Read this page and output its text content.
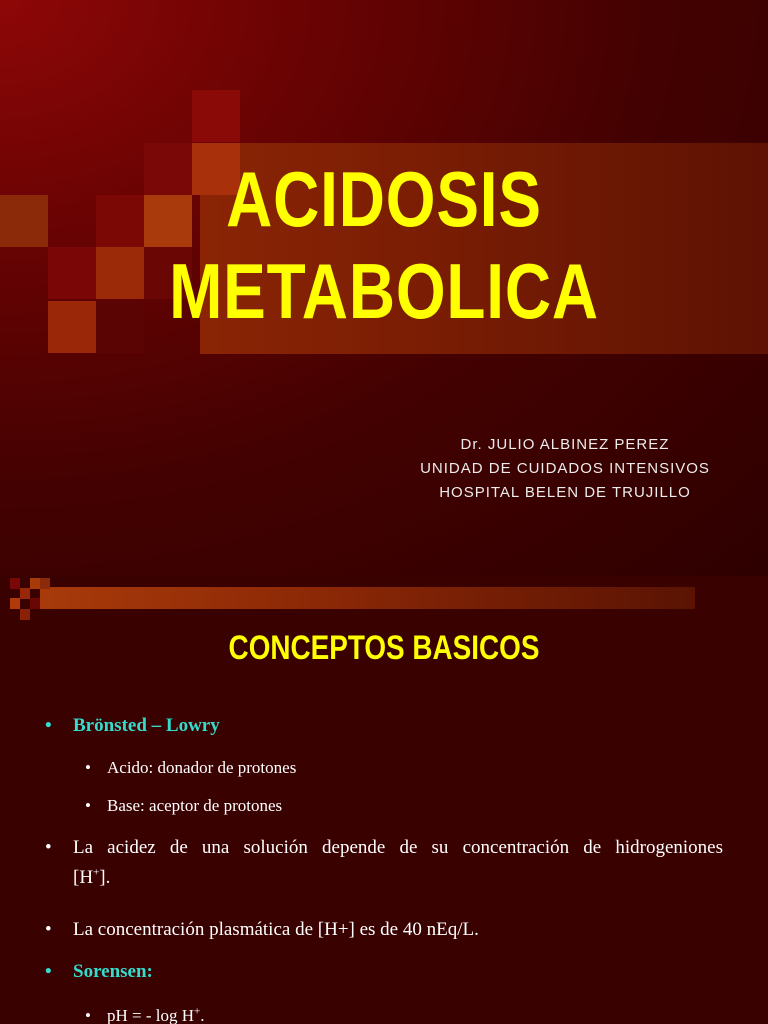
ACIDOSIS
METABOLICA
Dr. JULIO ALBINEZ PEREZ
UNIDAD DE CUIDADOS INTENSIVOS
HOSPITAL BELEN DE TRUJILLO
CONCEPTOS BASICOS
• Brönsted – Lowry
• Acido: donador de protones
• Base: aceptor de protones
• La acidez de una solución depende de su concentración de hidrogeniones
[H+].
• La concentración plasmática de [H+] es de 40 nEq/L.
• Sorensen:
• pH = - log H+.
